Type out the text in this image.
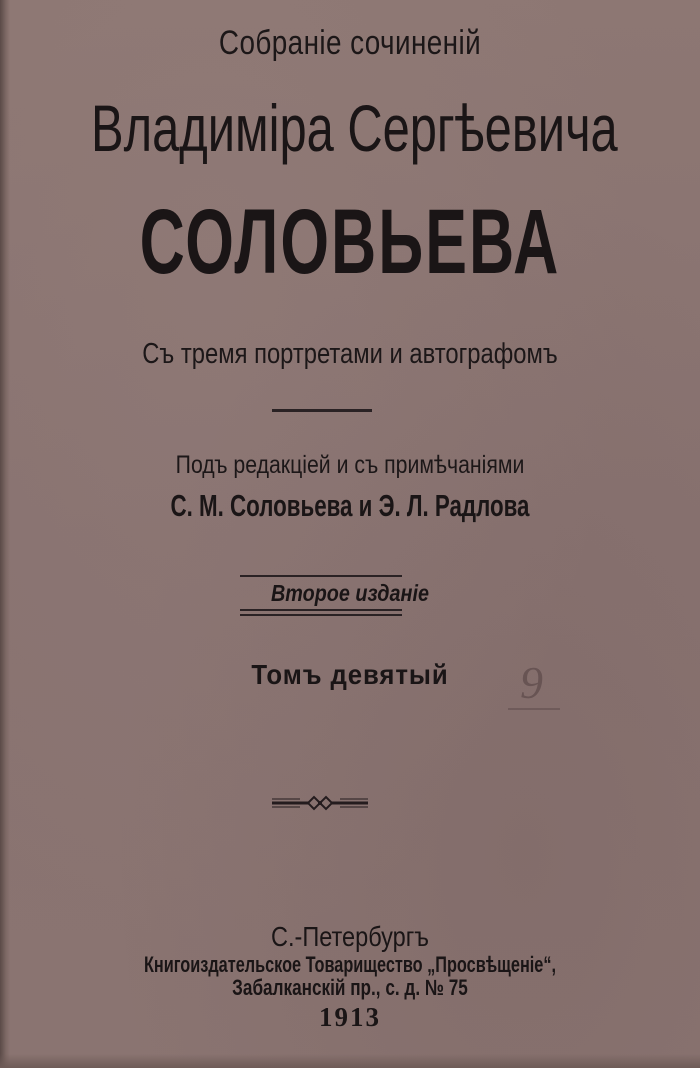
Собраніе сочиненій
Владиміра Сергѣевича
СОЛОВЬЕВА
Съ тремя портретами и автографомъ
Подъ редакціей и съ примѣчаніями
С. М. Соловьева и Э. Л. Радлова
Второе изданіе
Томъ девятый	9
С.-Петербургъ
Книгоиздательское Товарищество „Просвѣщеніе“,
Забалканскій пр., с. д. № 75
1913
